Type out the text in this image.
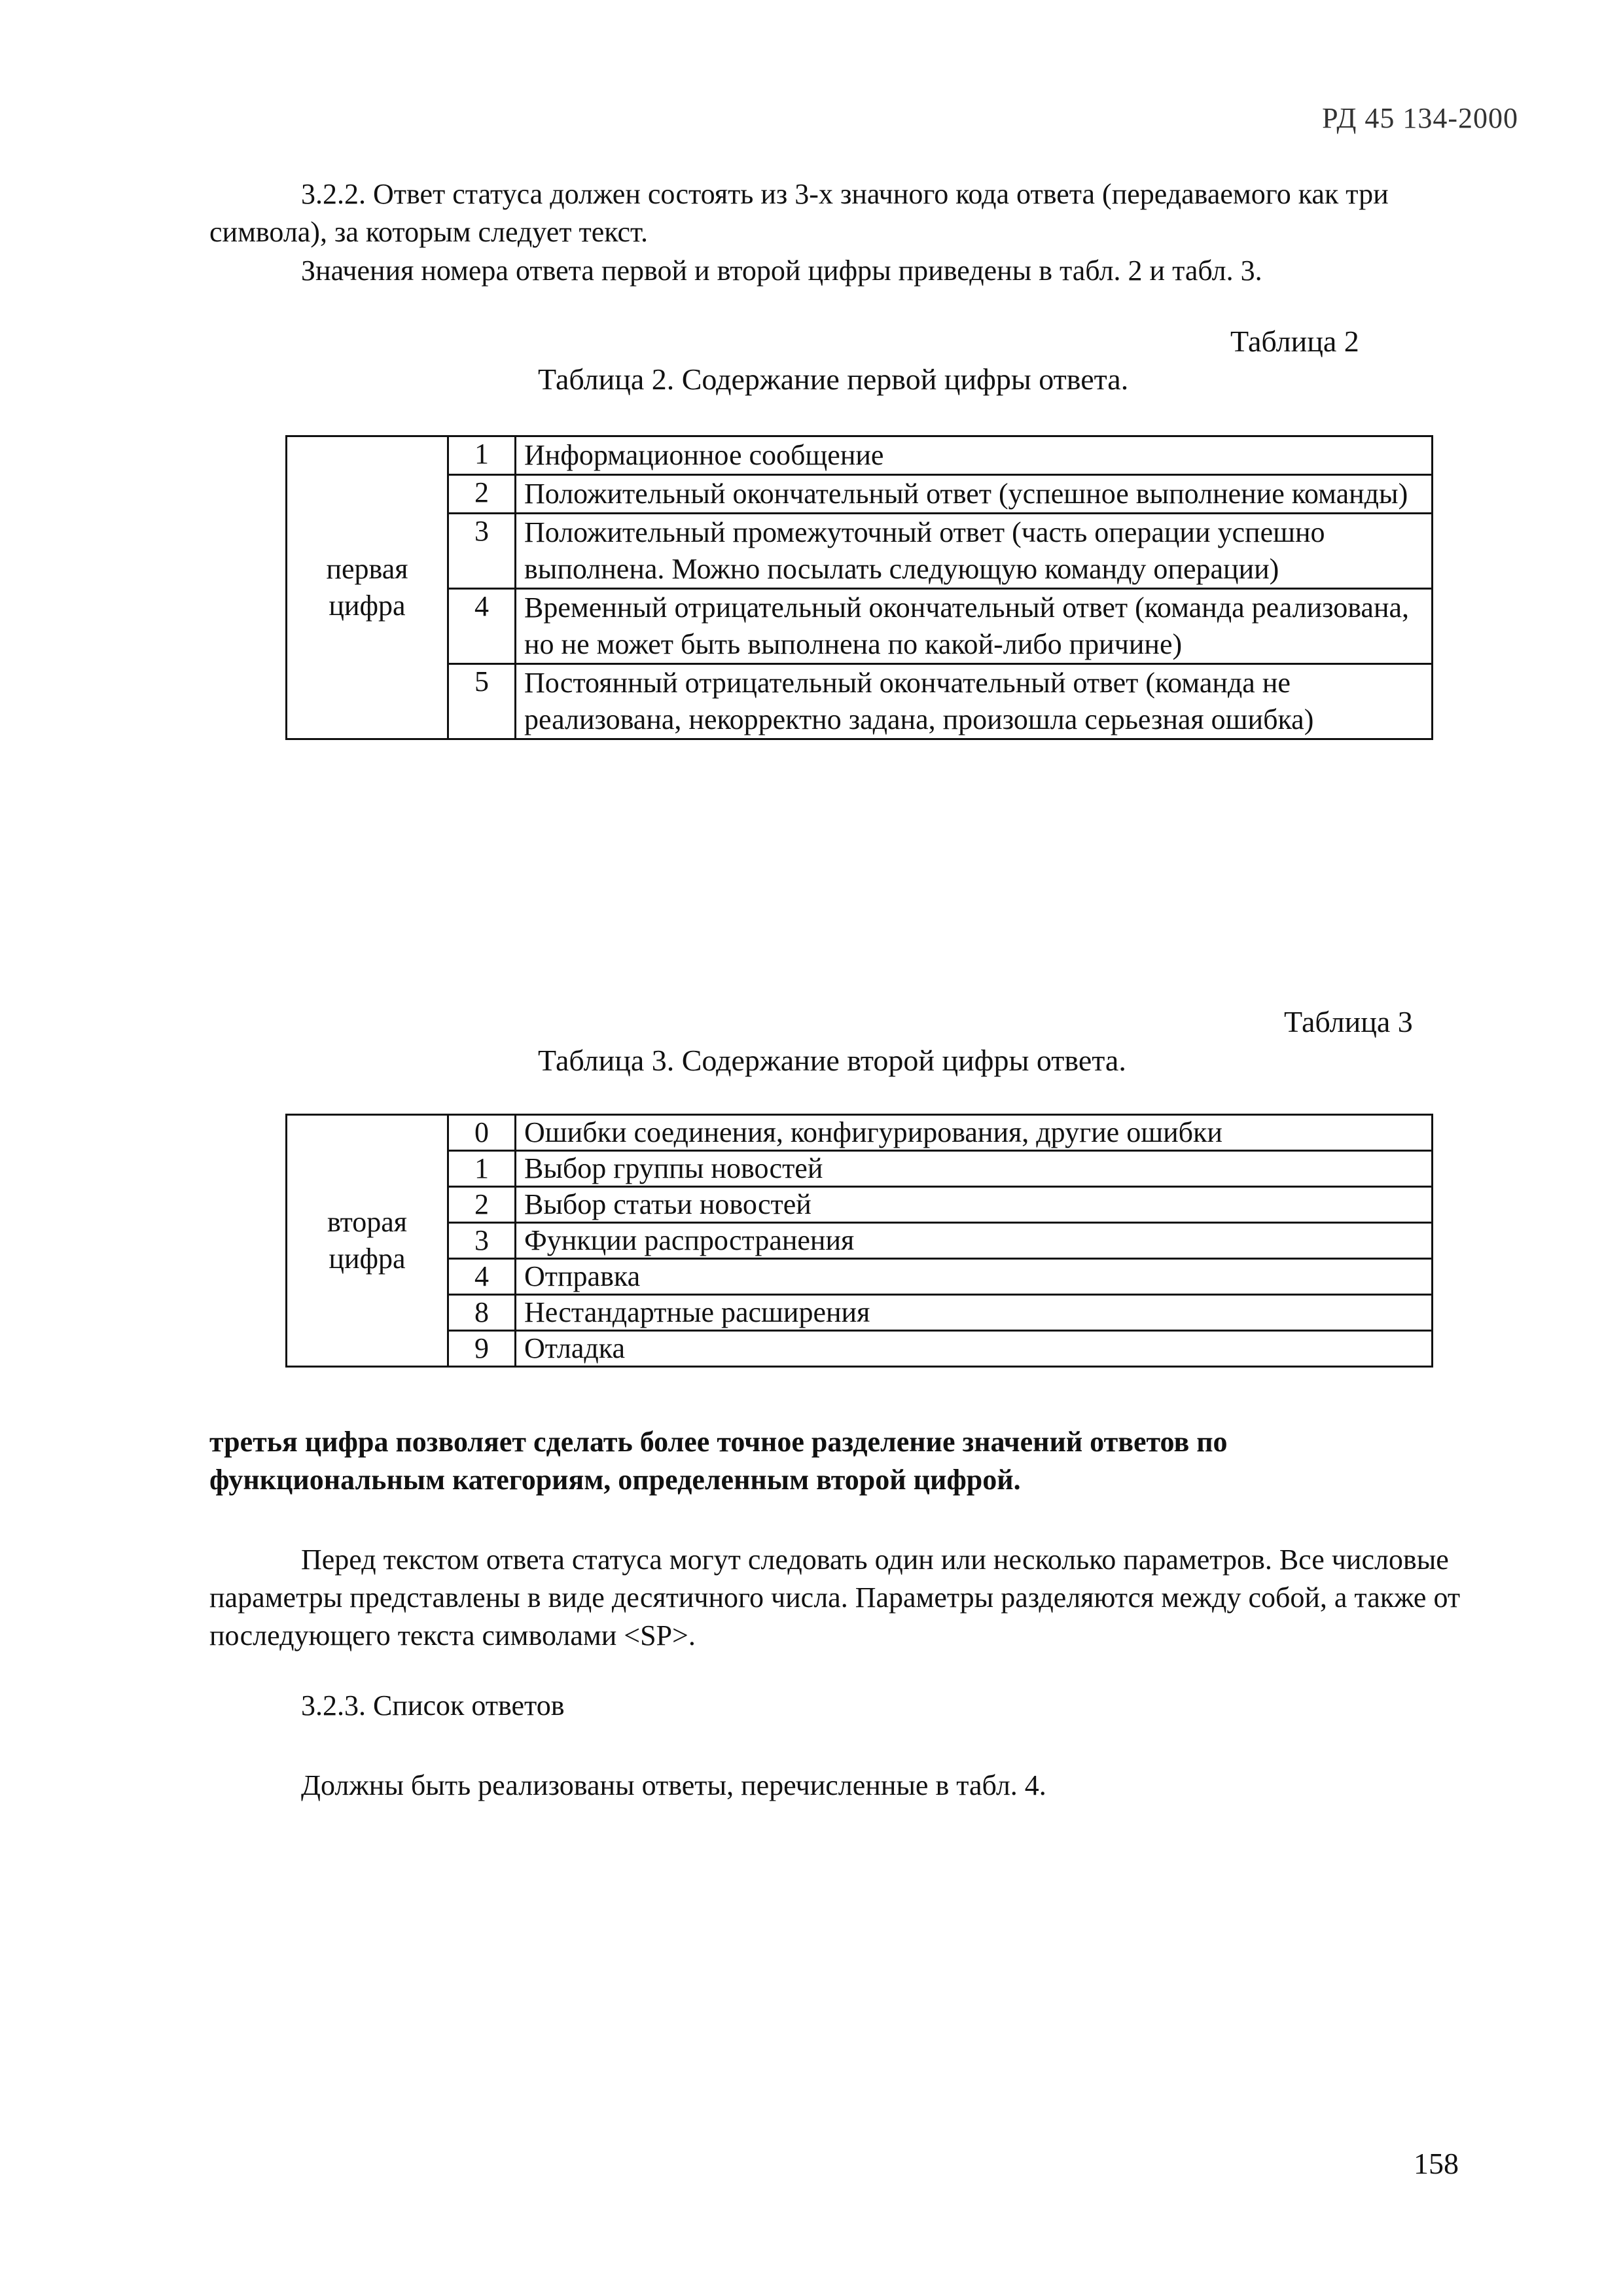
РД 45 134-2000
3.2.2. Ответ статуса должен состоять из 3-х значного кода ответа (передаваемого как три символа), за которым следует текст.
Значения номера ответа первой и второй цифры приведены в табл. 2 и табл. 3.
Таблица 2
Таблица 2. Содержание первой цифры ответа.
первая цифра	1	Информационное сообщение
	2	Положительный окончательный ответ (успешное выполнение команды)
	3	Положительный промежуточный ответ (часть операции успешно выполнена. Можно посылать следующую команду операции)
	4	Временный отрицательный окончательный ответ (команда реализована, но не может быть выполнена по какой-либо причине)
	5	Постоянный отрицательный окончательный ответ (команда не реализована, некорректно задана, произошла серьезная ошибка)
Таблица 3
Таблица 3. Содержание второй цифры ответа.
вторая цифра	0	Ошибки соединения, конфигурирования, другие ошибки
	1	Выбор группы новостей
	2	Выбор статьи новостей
	3	Функции распространения
	4	Отправка
	8	Нестандартные расширения
	9	Отладка
третья цифра позволяет сделать более точное разделение значений ответов по функциональным категориям, определенным второй цифрой.
Перед текстом ответа статуса могут следовать один или несколько параметров. Все числовые параметры представлены в виде десятичного числа. Параметры разделяются между собой, а также от последующего текста символами <SP>.
3.2.3. Список ответов
Должны быть реализованы ответы, перечисленные в табл. 4.
158
